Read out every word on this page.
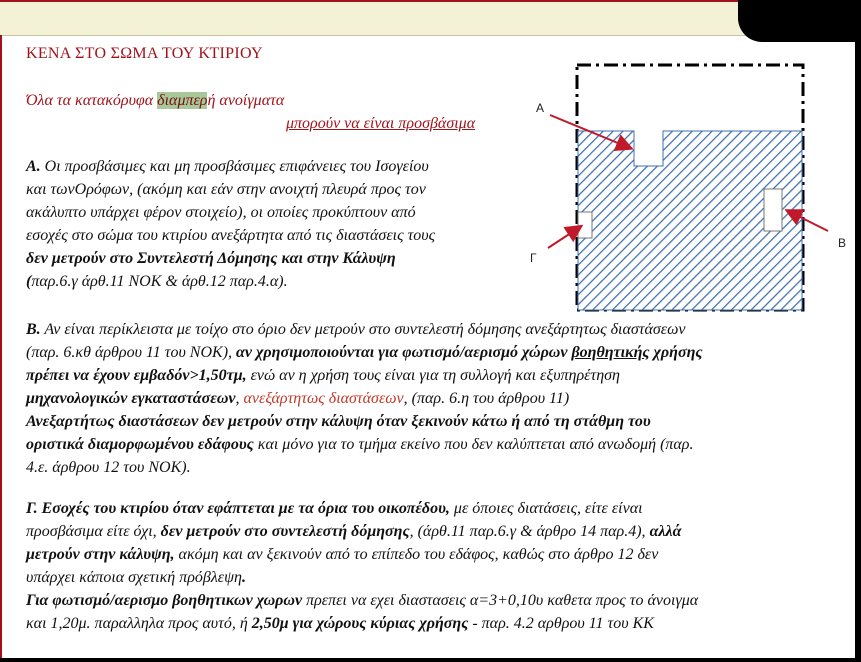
ΚΕΝΑ ΣΤΟ ΣΩΜΑ ΤΟΥ ΚΤΙΡΙΟΥ
Όλα τα κατακόρυφα διαμπερή ανοίγματα
μπορούν να είναι προσβάσιμα
Α. Οι προσβάσιμες και μη προσβάσιμες επιφάνειες του Ισογείου
και τωνΟρόφων, (ακόμη και εάν στην ανοιχτή πλευρά προς τον
ακάλυπτο υπάρχει φέρον στοιχείο), οι οποίες προκύπτουν από
εσοχές στο σώμα του κτιρίου ανεξάρτητα από τις διαστάσεις τους
δεν μετρούν στο Συντελεστή Δόμησης και στην Κάλυψη
(παρ.6.γ άρθ.11 ΝΟΚ & άρθ.12 παρ.4.α).
Β. Αν είναι περίκλειστα με τοίχο στο όριο δεν μετρούν στο συντελεστή δόμησης ανεξάρτητως διαστάσεων
(παρ. 6.κθ άρθρου 11 του ΝΟΚ), αν χρησιμοποιούνται για φωτισμό/αερισμό χώρων βοηθητικής χρήσης
πρέπει να έχουν εμβαδόν>1,50τμ, ενώ αν η χρήση τους είναι για τη συλλογή και εξυπηρέτηση
μηχανολογικών εγκαταστάσεων, ανεξάρτητως διαστάσεων, (παρ. 6.η του άρθρου 11)
Ανεξαρτήτως διαστάσεων δεν μετρούν στην κάλυψη όταν ξεκινούν κάτω ή από τη στάθμη του
οριστικά διαμορφωμένου εδάφους και μόνο για το τμήμα εκείνο που δεν καλύπτεται από ανωδομή (παρ.
4.ε. άρθρου 12 του ΝΟΚ).
Γ. Εσοχές του κτιρίου όταν εφάπτεται με τα όρια του οικοπέδου, με όποιες διατάσεις, είτε είναι
προσβάσιμα είτε όχι, δεν μετρούν στο συντελεστή δόμησης, (άρθ.11 παρ.6.γ & άρθρο 14 παρ.4), αλλά
μετρούν στην κάλυψη, ακόμη και αν ξεκινούν από το επίπεδο του εδάφος, καθώς στο άρθρο 12 δεν
υπάρχει κάποια σχετική πρόβλεψη.
Για φωτισμό/αερισμο βοηθητικων χωρων πρεπει να εχει διαστασεις α=3+0,10υ καθετα προς το άνοιγμα
και 1,20μ. παραλληλα προς αυτό, ή 2,50μ για χώρους κύριας χρήσης - παρ. 4.2 αρθρου 11 του ΚΚ
Α
Β
Γ
